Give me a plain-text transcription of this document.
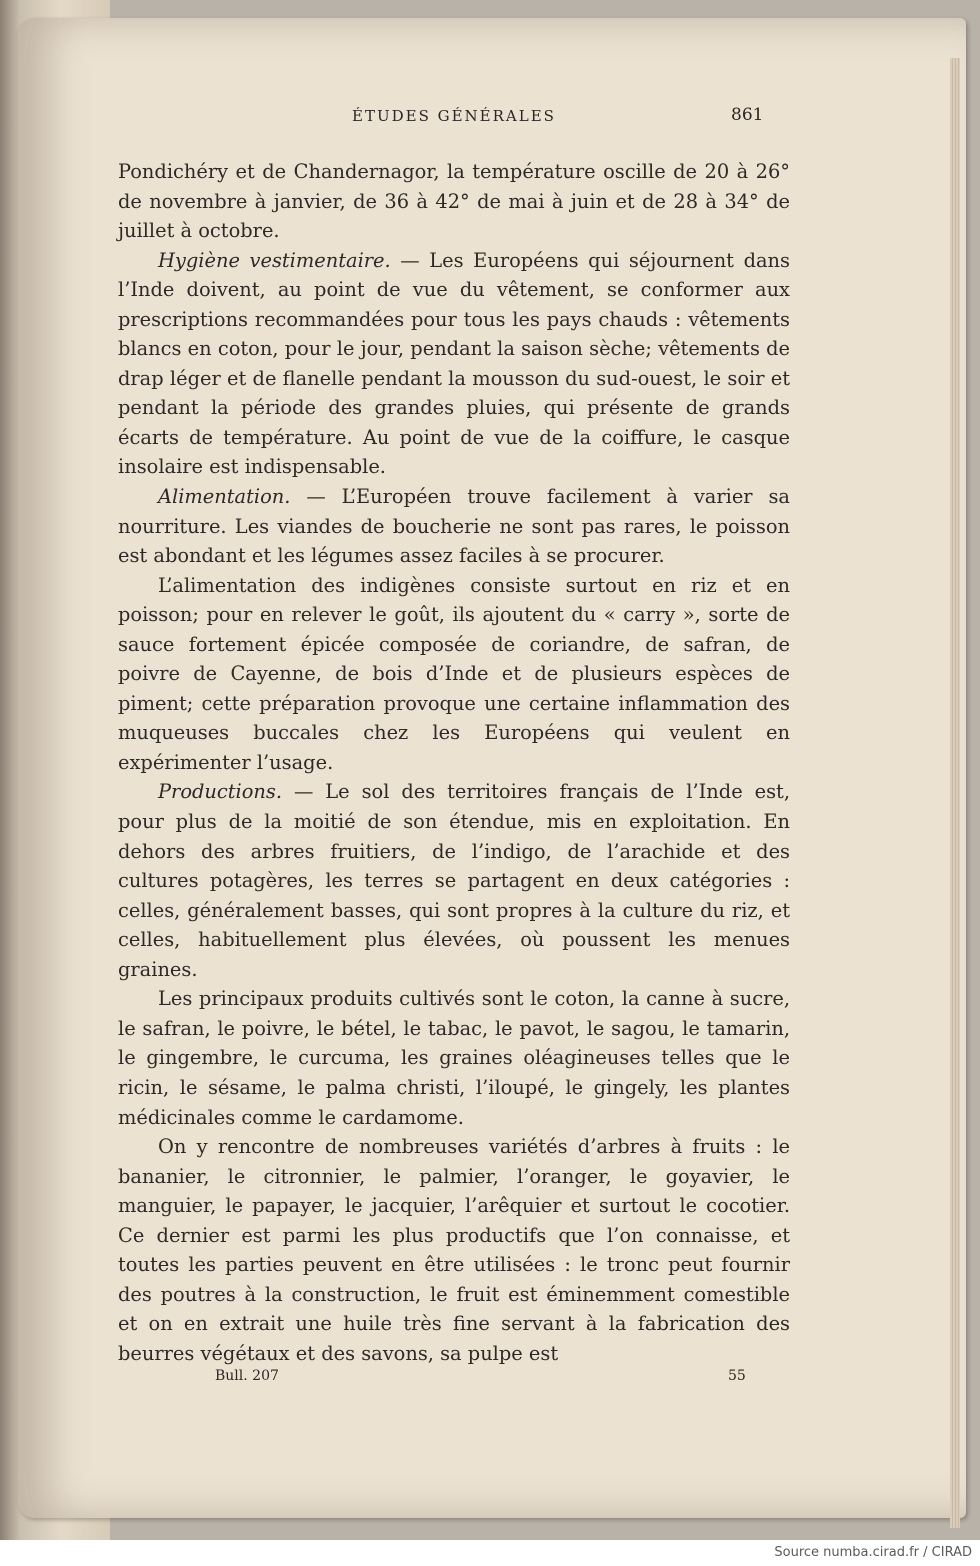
ÉTUDES GÉNÉRALES	861

Pondichéry et de Chandernagor, la température oscille de 20 à 26° de novembre à janvier, de 36 à 42° de mai à juin et de 28 à 34° de juillet à octobre.

Hygiène vestimentaire. — Les Européens qui séjournent dans l’Inde doivent, au point de vue du vêtement, se conformer aux prescriptions recommandées pour tous les pays chauds : vêtements blancs en coton, pour le jour, pendant la saison sèche; vêtements de drap léger et de flanelle pendant la mousson du sud-ouest, le soir et pendant la période des grandes pluies, qui présente de grands écarts de température. Au point de vue de la coiffure, le casque insolaire est indispensable.

Alimentation. — L’Européen trouve facilement à varier sa nourriture. Les viandes de boucherie ne sont pas rares, le poisson est abondant et les légumes assez faciles à se procurer.

L’alimentation des indigènes consiste surtout en riz et en poisson; pour en relever le goût, ils ajoutent du « carry », sorte de sauce fortement épicée composée de coriandre, de safran, de poivre de Cayenne, de bois d’Inde et de plusieurs espèces de piment; cette préparation provoque une certaine inflammation des muqueuses buccales chez les Européens qui veulent en expérimenter l’usage.

Productions. — Le sol des territoires français de l’Inde est, pour plus de la moitié de son étendue, mis en exploitation. En dehors des arbres fruitiers, de l’indigo, de l’arachide et des cultures potagères, les terres se partagent en deux catégories : celles, généralement basses, qui sont propres à la culture du riz, et celles, habituellement plus élevées, où poussent les menues graines.

Les principaux produits cultivés sont le coton, la canne à sucre, le safran, le poivre, le bétel, le tabac, le pavot, le sagou, le tamarin, le gingembre, le curcuma, les graines oléagineuses telles que le ricin, le sésame, le palma christi, l’iloupé, le gingely, les plantes médicinales comme le cardamome.

On y rencontre de nombreuses variétés d’arbres à fruits : le bananier, le citronnier, le palmier, l’oranger, le goyavier, le manguier, le papayer, le jacquier, l’arêquier et surtout le cocotier. Ce dernier est parmi les plus productifs que l’on connaisse, et toutes les parties peuvent en être utilisées : le tronc peut fournir des poutres à la construction, le fruit est éminemment comestible et on en extrait une huile très fine servant à la fabrication des beurres végétaux et des savons, sa pulpe est

Bull. 207	55
Source numba.cirad.fr / CIRAD
